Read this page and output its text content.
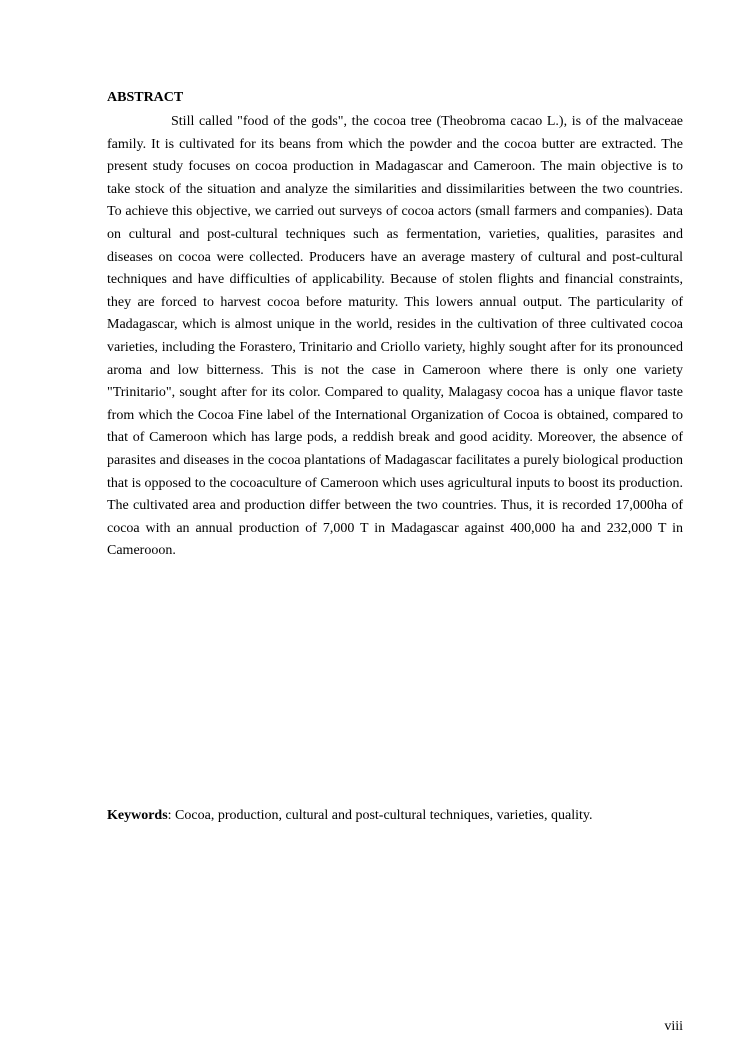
ABSTRACT

Still called "food of the gods", the cocoa tree (Theobroma cacao L.), is of the malvaceae family. It is cultivated for its beans from which the powder and the cocoa butter are extracted. The present study focuses on cocoa production in Madagascar and Cameroon. The main objective is to take stock of the situation and analyze the similarities and dissimilarities between the two countries. To achieve this objective, we carried out surveys of cocoa actors (small farmers and companies). Data on cultural and post-cultural techniques such as fermentation, varieties, qualities, parasites and diseases on cocoa were collected. Producers have an average mastery of cultural and post-cultural techniques and have difficulties of applicability. Because of stolen flights and financial constraints, they are forced to harvest cocoa before maturity. This lowers annual output. The particularity of Madagascar, which is almost unique in the world, resides in the cultivation of three cultivated cocoa varieties, including the Forastero, Trinitario and Criollo variety, highly sought after for its pronounced aroma and low bitterness. This is not the case in Cameroon where there is only one variety "Trinitario", sought after for its color. Compared to quality, Malagasy cocoa has a unique flavor taste from which the Cocoa Fine label of the International Organization of Cocoa is obtained, compared to that of Cameroon which has large pods, a reddish break and good acidity. Moreover, the absence of parasites and diseases in the cocoa plantations of Madagascar facilitates a purely biological production that is opposed to the cocoaculture of Cameroon which uses agricultural inputs to boost its production. The cultivated area and production differ between the two countries. Thus, it is recorded 17,000ha of cocoa with an annual production of 7,000 T in Madagascar against 400,000 ha and 232,000 T in Camerooon.

Keywords: Cocoa, production, cultural and post-cultural techniques, varieties, quality.

viii
